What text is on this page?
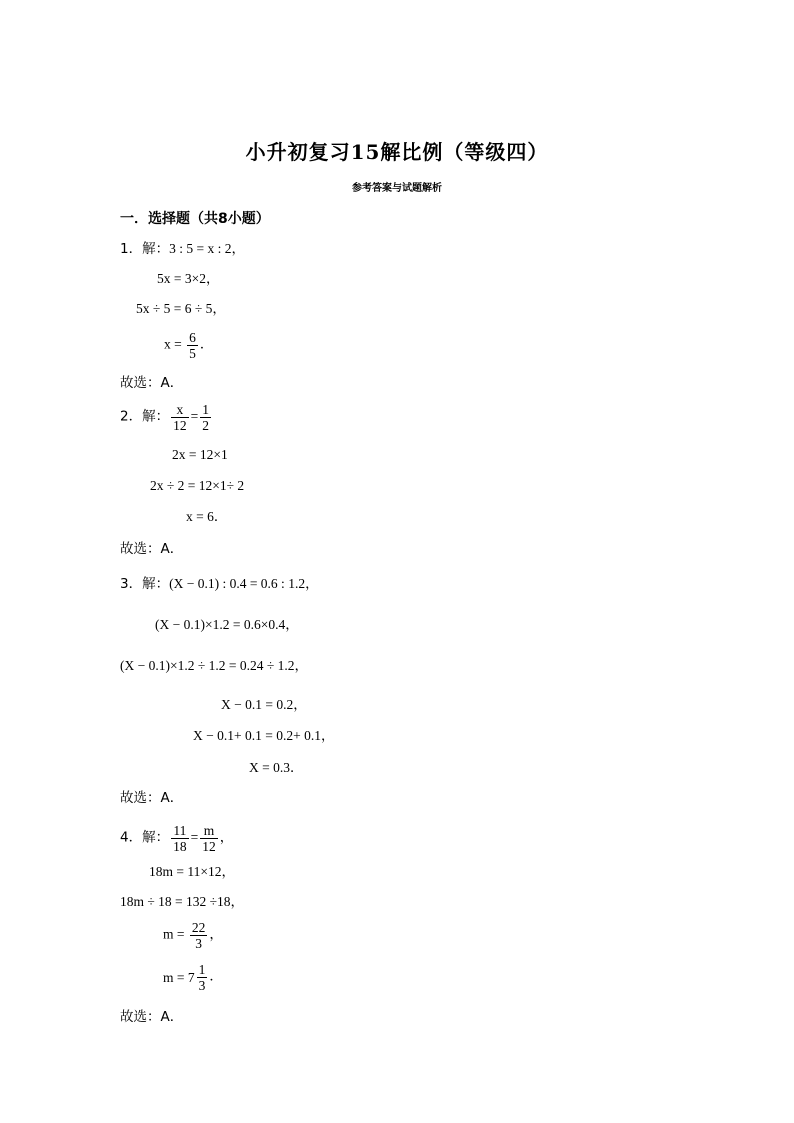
小升初复习15解比例（等级四）
参考答案与试题解析
一．选择题（共8小题）
1．解：3 : 5 = x : 2，
5x = 3×2，
5x ÷ 5 = 6 ÷ 5，
$x = \frac{6}{5}$ ．
故选：A．
2．解： $\frac{x}{12} = \frac{1}{2}$
2x = 12×1
2x ÷ 2 = 12×1÷ 2
x = 6．
故选：A．
3．解：(X − 0.1) : 0.4 = 0.6 : 1.2，
(X − 0.1)×1.2 = 0.6×0.4，
(X − 0.1)×1.2 ÷ 1.2 = 0.24 ÷ 1.2，
X − 0.1 = 0.2，
X − 0.1+ 0.1 = 0.2+ 0.1，
X = 0.3．
故选：A．
4．解： $\frac{11}{18} = \frac{m}{12}$ ，
18m = 11×12，
18m ÷ 18 = 132 ÷18，
$m = \frac{22}{3}$ ，
$m = 7 \frac{1}{3}$ ．
故选：A．
